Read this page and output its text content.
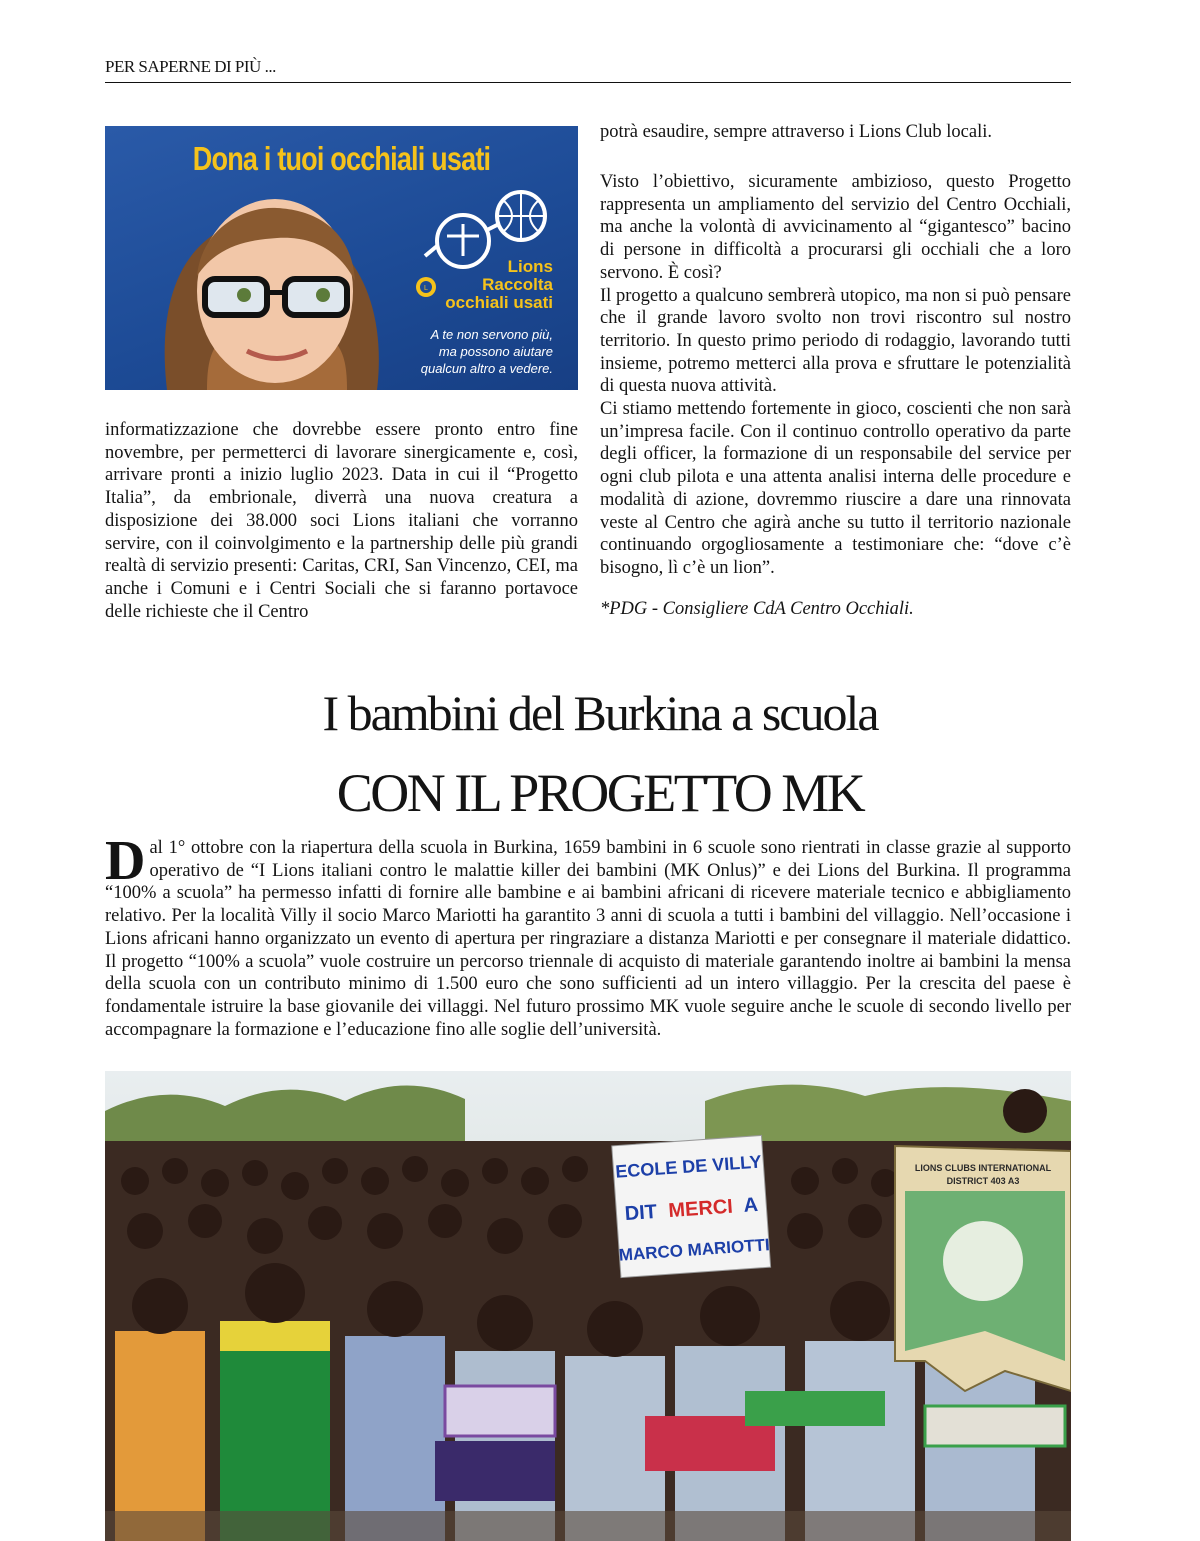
PER SAPERNE DI PIÙ ...
Dona i tuoi occhiali usati
L
Lions
Raccolta
occhiali usati
A te non servono più,
ma possono aiutare
qualcun altro a vedere.

informatizzazione che dovrebbe essere pronto entro fine novembre, per permetterci di lavorare sinergicamente e, così, arrivare pronti a inizio luglio 2023. Data in cui il “Progetto Italia”, da embrionale, diverrà una nuova creatura a disposizione dei 38.000 soci Lions italiani che vorranno servire, con il coinvolgimento e la partnership delle più grandi realtà di servizio presenti: Caritas, CRI, San Vincenzo, CEI, ma anche i Comuni e i Centri Sociali che si faranno portavoce delle richieste che il Centro

potrà esaudire, sempre attraverso i Lions Club locali.

Visto l’obiettivo, sicuramente ambizioso, questo Progetto rappresenta un ampliamento del servizio del Centro Occhiali, ma anche la volontà di avvicinamento al “gigantesco” bacino di persone in difficoltà a procurarsi gli occhiali che a loro servono. È così?
Il progetto a qualcuno sembrerà utopico, ma non si può pensare che il grande lavoro svolto non trovi riscontro sul nostro territorio. In questo primo periodo di rodaggio, lavorando tutti insieme, potremo metterci alla prova e sfruttare le potenzialità di questa nuova attività.
Ci stiamo mettendo fortemente in gioco, coscienti che non sarà un’impresa facile. Con il continuo controllo operativo da parte degli officer, la formazione di un responsabile del service per ogni club pilota e una attenta analisi interna delle procedure e modalità di azione, dovremmo riuscire a dare una rinnovata veste al Centro che agirà anche su tutto il territorio nazionale continuando orgogliosamente a testimoniare che: “dove c’è bisogno, lì c’è un lion”.
*PDG - Consigliere CdA Centro Occhiali.
I bambini del Burkina a scuola
CON IL PROGETTO MK

Dal 1° ottobre con la riapertura della scuola in Burkina, 1659 bambini in 6 scuole sono rientrati in classe grazie al supporto operativo de “I Lions italiani contro le malattie killer dei bambini (MK Onlus)” e dei Lions del Burkina. Il programma “100% a scuola” ha permesso infatti di fornire alle bambine e ai bambini africani di ricevere materiale tecnico e abbigliamento relativo. Per la località Villy il socio Marco Mariotti ha garantito 3 anni di scuola a tutti i bambini del villaggio. Nell’occasione i Lions africani hanno organizzato un evento di apertura per ringraziare a distanza Mariotti e per consegnare il materiale didattico. Il progetto “100% a scuola” vuole costruire un percorso triennale di acquisto di materiale garantendo inoltre ai bambini la mensa della scuola con un contributo minimo di 1.500 euro che sono sufficienti ad un intero villaggio. Per la crescita del paese è fondamentale istruire la base giovanile dei villaggi. Nel futuro prossimo MK vuole seguire anche le scuole di secondo livello per accompagnare la formazione e l’educazione fino alle soglie dell’università.

ECOLE DE VILLY
DIT MERCI A
MARCO MARIOTTI
LIONS CLUBS INTERNATIONAL
DISTRICT 403 A3
